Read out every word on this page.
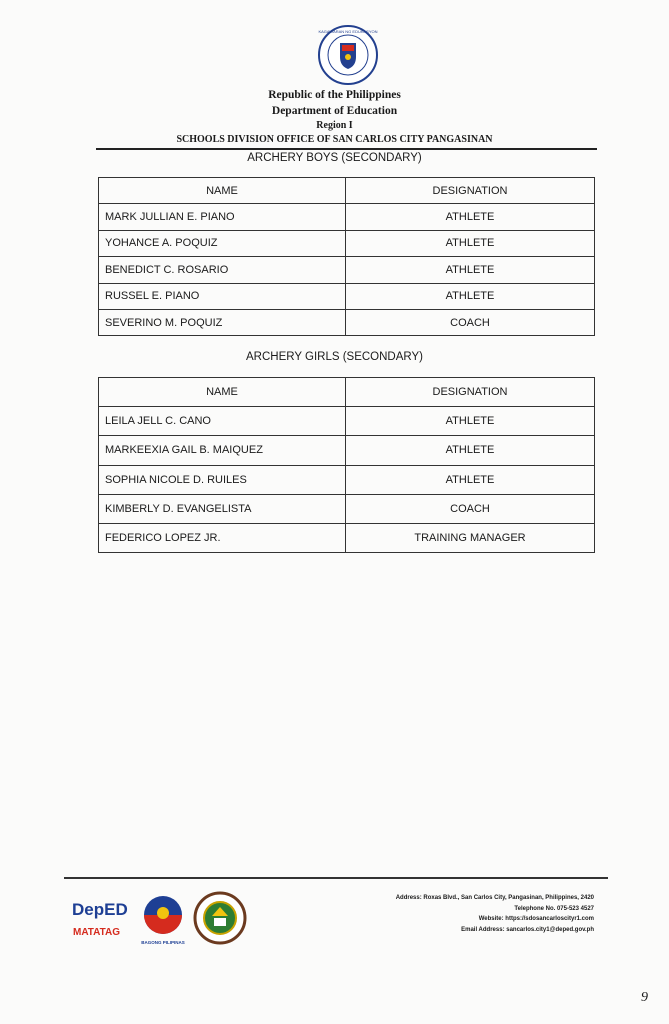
KAGAWARAN NG EDUKASYON
Republic of the Philippines
Department of Education
Region I
SCHOOLS DIVISION OFFICE OF SAN CARLOS CITY PANGASINAN
ARCHERY BOYS (SECONDARY)
NAME	DESIGNATION
MARK JULLIAN E. PIANO	ATHLETE
YOHANCE A. POQUIZ	ATHLETE
BENEDICT C. ROSARIO	ATHLETE
RUSSEL E. PIANO	ATHLETE
SEVERINO M. POQUIZ	COACH
ARCHERY GIRLS (SECONDARY)
NAME	DESIGNATION
LEILA JELL C. CANO	ATHLETE
MARKEEXIA GAIL B. MAIQUEZ	ATHLETE
SOPHIA NICOLE D. RUILES	ATHLETE
KIMBERLY D. EVANGELISTA	COACH
FEDERICO LOPEZ JR.	TRAINING MANAGER
DepED
MATATAG
BAGONG PILIPINAS
Address: Roxas Blvd., San Carlos City, Pangasinan, Philippines, 2420
Telephone No. 075-523 4527
Website: https://sdosancarloscityr1.com
Email Address: sancarlos.city1@deped.gov.ph
9
